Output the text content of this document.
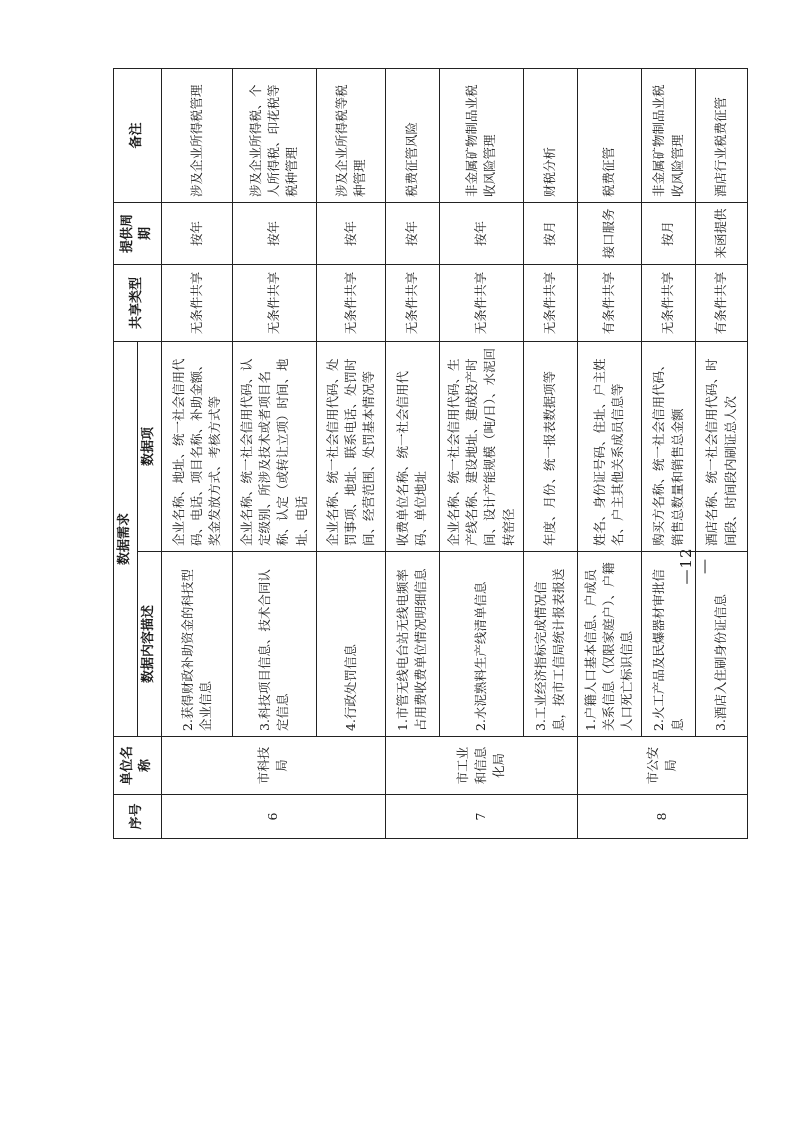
序号	单位名称	数据需求		共享类型	提供周期	备注
		数据内容描述	数据项			
6	市科技局	2.获得财政补助资金的科技型企业信息	企业名称、地址、统一社会信用代码、电话、项目名称、补助金额、奖金发放方式、考核方式等	无条件共享	按年	涉及企业所得税管理
		3.科技项目信息、技术合同认定信息	企业名称、统一社会信用代码、认定级别、所涉及技术或者项目名称、认定（或转让立项）时间、地址、电话	无条件共享	按年	涉及企业所得税、个人所得税、印花税等税种管理
		4.行政处罚信息	企业名称、统一社会信用代码、处罚事项、地址、联系电话、处罚时间、经营范围、处罚基本情况等	无条件共享	按年	涉及企业所得税等税种管理
7	市工业和信息化局	1.市管无线电台站无线电频率占用费收费单位情况明细信息	收费单位名称、统一社会信用代码、单位地址	无条件共享	按年	税费征管风险
		2.水泥熟料生产线清单信息	企业名称、统一社会信用代码、生产线名称、建设地址、建成投产时间、设计产能规模（吨/日）、水泥回转窑径	无条件共享	按年	非金属矿物制品业税收风险管理
		3.工业经济指标完成情况信息，按市工信局统计报表报送	年度、月份、统一报表数据项等	无条件共享	按月	财税分析
8	市公安局	1.户籍人口基本信息、户成员关系信息（仅限家庭户）、户籍人口死亡标识信息	姓名、身份证号码、住址、户主姓名、户主其他关系成员信息等	有条件共享	接口服务	税费征管
		2.火工产品及民爆器材审批信息	购买方名称、统一社会信用代码、销售总数量和销售总金额	无条件共享	按月	非金属矿物制品业税收风险管理
		3.酒店入住刷身份证信息	酒店名称、统一社会信用代码、时间段、时间段内刷证总人次	有条件共享	来函提供	酒店行业税费征管
—12—
